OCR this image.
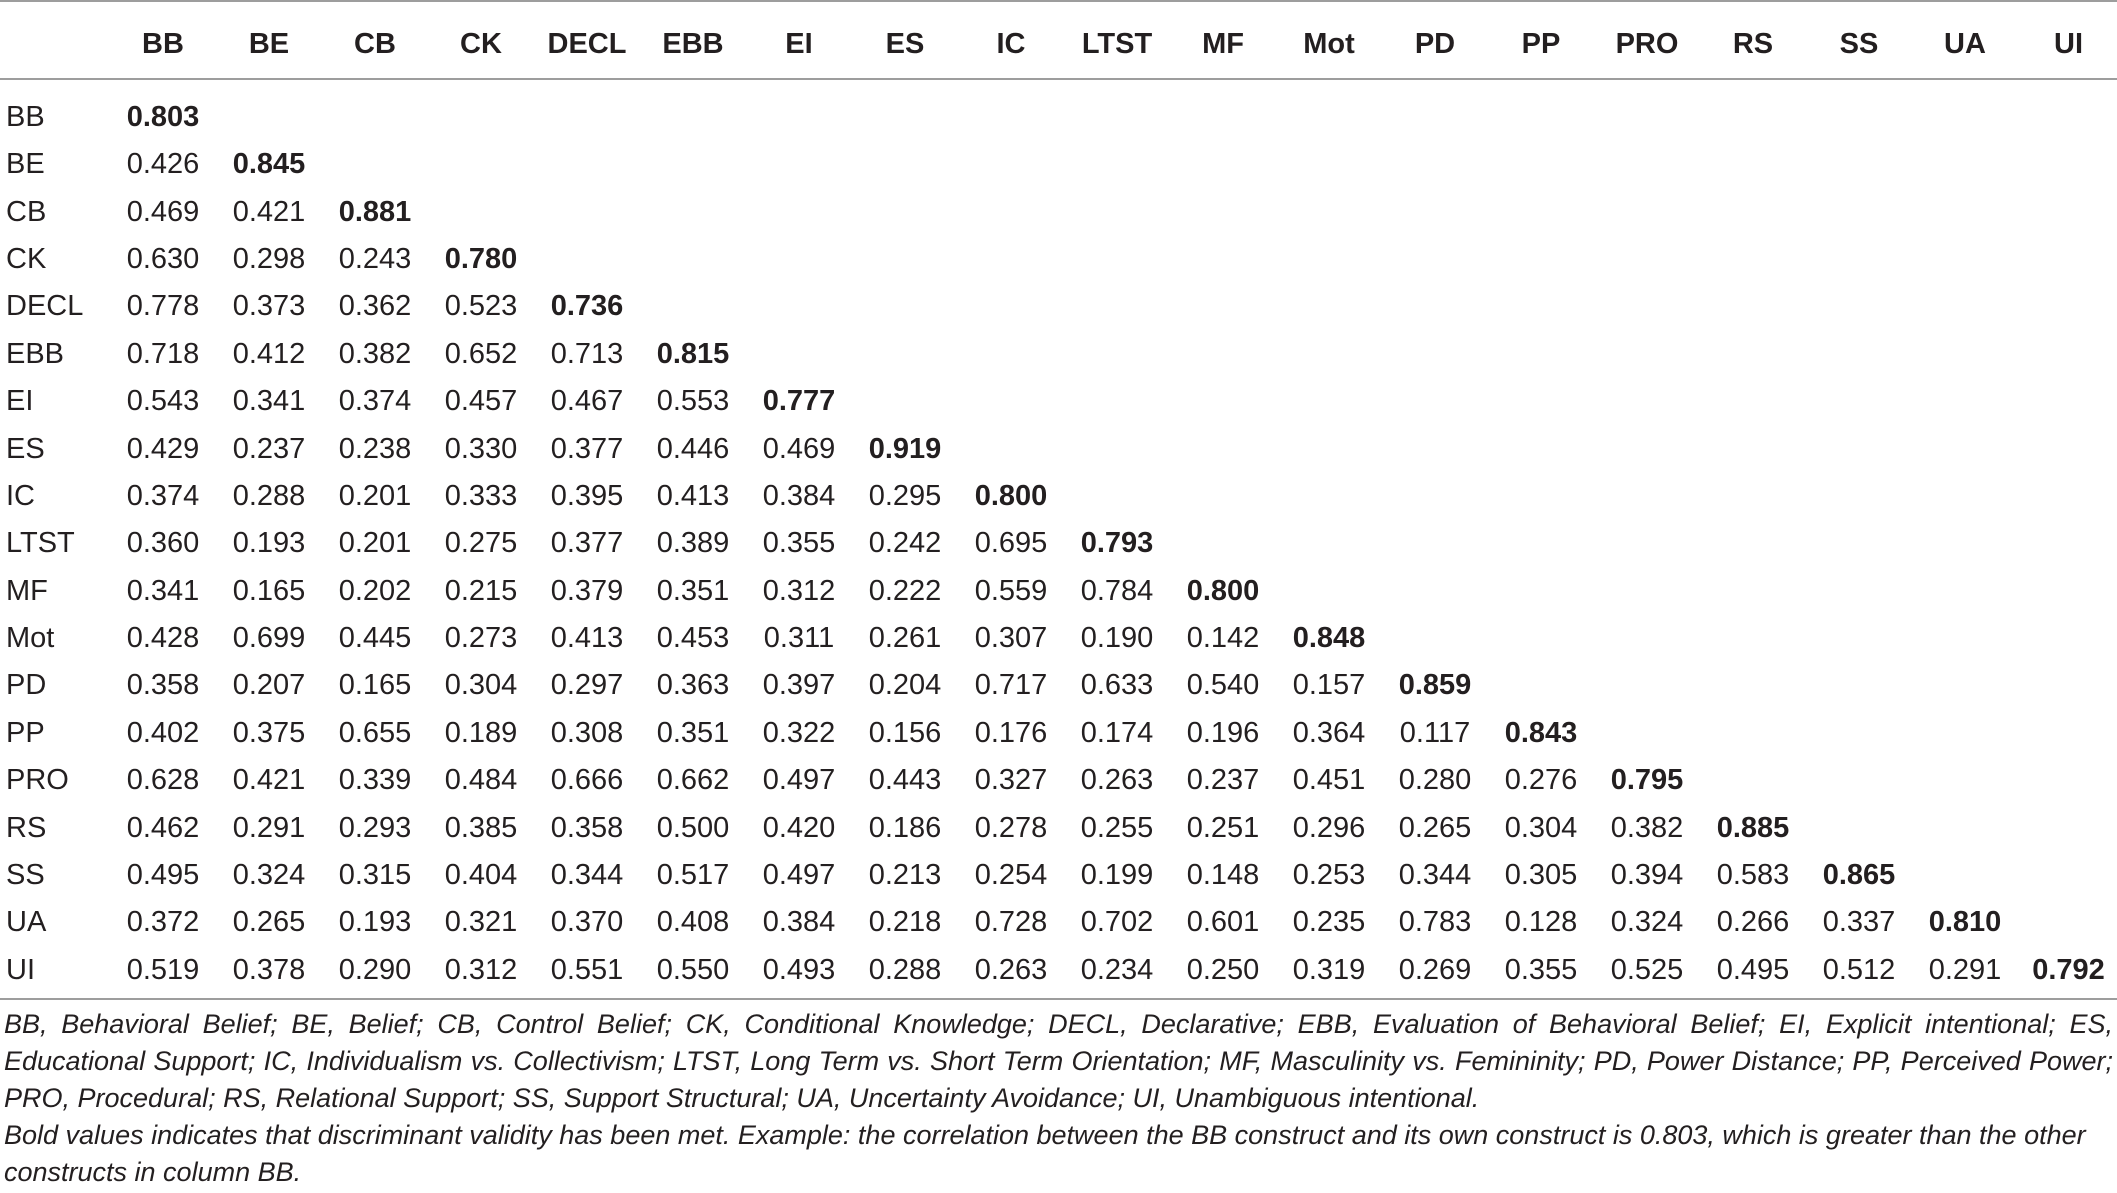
	BB	BE	CB	CK	DECL	EBB	EI	ES	IC	LTST	MF	Mot	PD	PP	PRO	RS	SS	UA	UI
BB	0.803																		
BE	0.426	0.845																	
CB	0.469	0.421	0.881																
CK	0.630	0.298	0.243	0.780															
DECL	0.778	0.373	0.362	0.523	0.736														
EBB	0.718	0.412	0.382	0.652	0.713	0.815													
EI	0.543	0.341	0.374	0.457	0.467	0.553	0.777												
ES	0.429	0.237	0.238	0.330	0.377	0.446	0.469	0.919											
IC	0.374	0.288	0.201	0.333	0.395	0.413	0.384	0.295	0.800										
LTST	0.360	0.193	0.201	0.275	0.377	0.389	0.355	0.242	0.695	0.793									
MF	0.341	0.165	0.202	0.215	0.379	0.351	0.312	0.222	0.559	0.784	0.800								
Mot	0.428	0.699	0.445	0.273	0.413	0.453	0.311	0.261	0.307	0.190	0.142	0.848							
PD	0.358	0.207	0.165	0.304	0.297	0.363	0.397	0.204	0.717	0.633	0.540	0.157	0.859						
PP	0.402	0.375	0.655	0.189	0.308	0.351	0.322	0.156	0.176	0.174	0.196	0.364	0.117	0.843					
PRO	0.628	0.421	0.339	0.484	0.666	0.662	0.497	0.443	0.327	0.263	0.237	0.451	0.280	0.276	0.795				
RS	0.462	0.291	0.293	0.385	0.358	0.500	0.420	0.186	0.278	0.255	0.251	0.296	0.265	0.304	0.382	0.885			
SS	0.495	0.324	0.315	0.404	0.344	0.517	0.497	0.213	0.254	0.199	0.148	0.253	0.344	0.305	0.394	0.583	0.865		
UA	0.372	0.265	0.193	0.321	0.370	0.408	0.384	0.218	0.728	0.702	0.601	0.235	0.783	0.128	0.324	0.266	0.337	0.810	
UI	0.519	0.378	0.290	0.312	0.551	0.550	0.493	0.288	0.263	0.234	0.250	0.319	0.269	0.355	0.525	0.495	0.512	0.291	0.792

BB, Behavioral Belief; BE, Belief; CB, Control Belief; CK, Conditional Knowledge; DECL, Declarative; EBB, Evaluation of Behavioral Belief; EI, Explicit intentional; ES, Educational Support; IC, Individualism vs. Collectivism; LTST, Long Term vs. Short Term Orientation; MF, Masculinity vs. Femininity; PD, Power Distance; PP, Perceived Power; PRO, Procedural; RS, Relational Support; SS, Support Structural; UA, Uncertainty Avoidance; UI, Unambiguous intentional.

Bold values indicates that discriminant validity has been met. Example: the correlation between the BB construct and its own construct is 0.803, which is greater than the other constructs in column BB.
